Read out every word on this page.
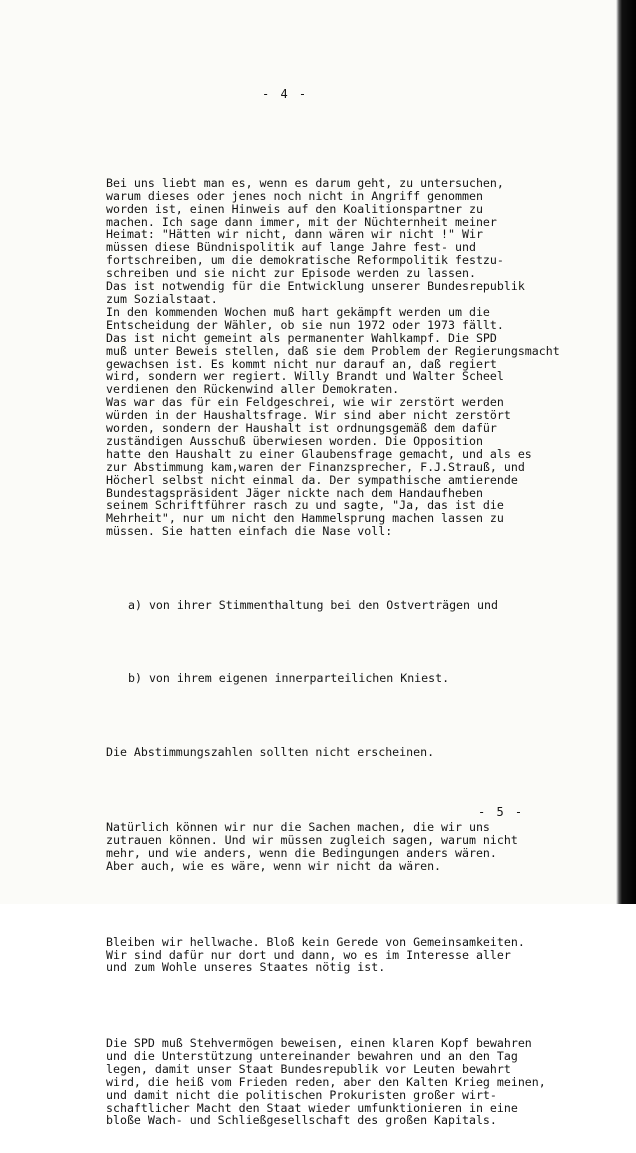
- 4 -

Bei uns liebt man es, wenn es darum geht, zu untersuchen,
warum dieses oder jenes noch nicht in Angriff genommen
worden ist, einen Hinweis auf den Koalitionspartner zu
machen. Ich sage dann immer, mit der Nüchternheit meiner
Heimat: "Hätten wir nicht, dann wären wir nicht !" Wir
müssen diese Bündnispolitik auf lange Jahre fest- und
fortschreiben, um die demokratische Reformpolitik festzu-
schreiben und sie nicht zur Episode werden zu lassen.
Das ist notwendig für die Entwicklung unserer Bundesrepublik
zum Sozialstaat.
In den kommenden Wochen muß hart gekämpft werden um die
Entscheidung der Wähler, ob sie nun 1972 oder 1973 fällt.
Das ist nicht gemeint als permanenter Wahlkampf. Die SPD
muß unter Beweis stellen, daß sie dem Problem der Regierungsmacht
gewachsen ist. Es kommt nicht nur darauf an, daß regiert
wird, sondern wer regiert. Willy Brandt und Walter Scheel
verdienen den Rückenwind aller Demokraten.
Was war das für ein Feldgeschrei, wie wir zerstört werden
würden in der Haushaltsfrage. Wir sind aber nicht zerstört
worden, sondern der Haushalt ist ordnungsgemäß dem dafür
zuständigen Ausschuß überwiesen worden. Die Opposition
hatte den Haushalt zu einer Glaubensfrage gemacht, und als es
zur Abstimmung kam,waren der Finanzsprecher, F.J.Strauß, und
Höcherl selbst nicht einmal da. Der sympathische amtierende
Bundestagspräsident Jäger nickte nach dem Handaufheben
seinem Schriftführer rasch zu und sagte, "Ja, das ist die
Mehrheit", nur um nicht den Hammelsprung machen lassen zu
müssen. Sie hatten einfach die Nase voll:

a) von ihrer Stimmenthaltung bei den Ostverträgen und

b) von ihrem eigenen innerparteilichen Kniest.

Die Abstimmungszahlen sollten nicht erscheinen.

Natürlich können wir nur die Sachen machen, die wir uns
zutrauen können. Und wir müssen zugleich sagen, warum nicht
mehr, und wie anders, wenn die Bedingungen anders wären.
Aber auch, wie es wäre, wenn wir nicht da wären.

Bleiben wir hellwache. Bloß kein Gerede von Gemeinsamkeiten.
Wir sind dafür nur dort und dann, wo es im Interesse aller
und zum Wohle unseres Staates nötig ist.

Die SPD muß Stehvermögen beweisen, einen klaren Kopf bewahren
und die Unterstützung untereinander bewahren und an den Tag
legen, damit unser Staat Bundesrepublik vor Leuten bewahrt
wird, die heiß vom Frieden reden, aber den Kalten Krieg meinen,
und damit nicht die politischen Prokuristen großer wirt-
schaftlicher Macht den Staat wieder umfunktionieren in eine
bloße Wach- und Schließgesellschaft des großen Kapitals.

- 5 -
